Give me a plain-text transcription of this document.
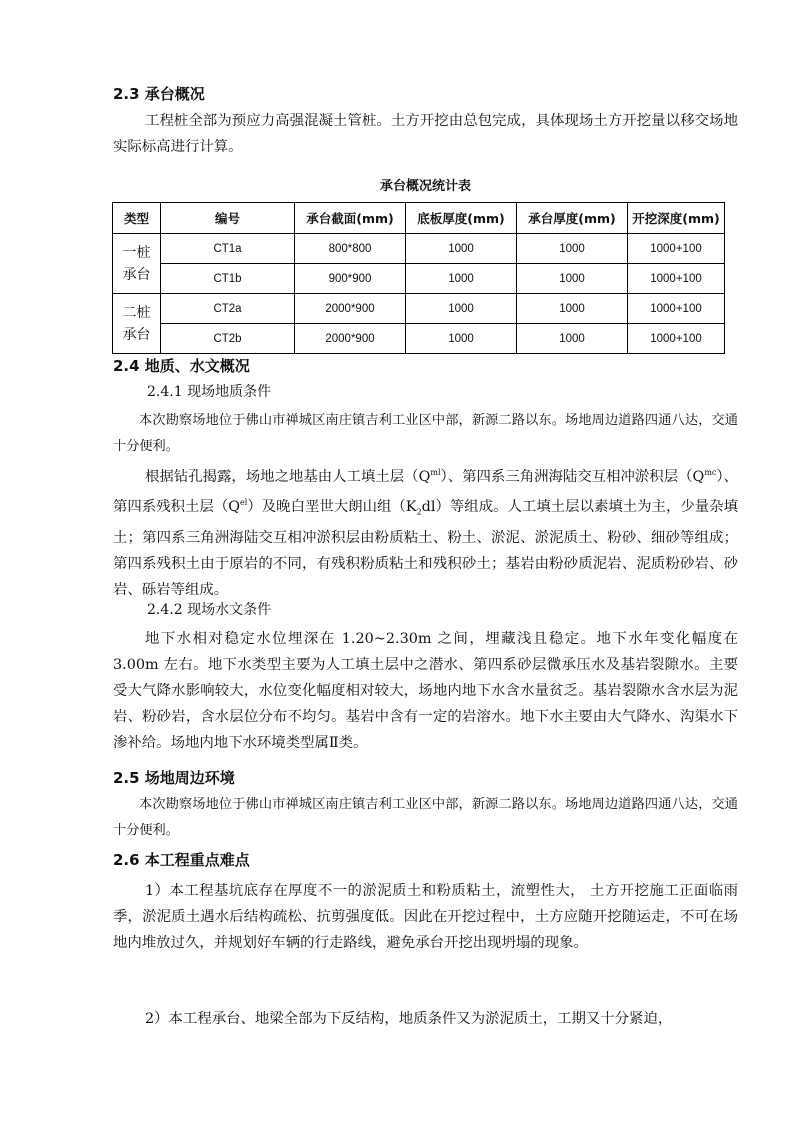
2.3 承台概况

工程桩全部为预应力高强混凝土管桩。土方开挖由总包完成，具体现场土方开挖量以移交场地实际标高进行计算。

承台概况统计表
类型	编号	承台截面(mm)	底板厚度(mm)	承台厚度(mm)	开挖深度(mm)
一桩承台	CT1a	800*800	1000	1000	1000+100
	CT1b	900*900	1000	1000	1000+100
二桩承台	CT2a	2000*900	1000	1000	1000+100
	CT2b	2000*900	1000	1000	1000+100
2.4 地质、水文概况
2.4.1 现场地质条件

本次勘察场地位于佛山市禅城区南庄镇吉利工业区中部，新源二路以东。场地周边道路四通八达，交通十分便利。

根据钻孔揭露，场地之地基由人工填土层$(Q^{ml})$、第四系三角洲海陆交互相冲淤积层$(Q^{mc})$、第四系残积土层$(Q^{el})$及晚白垩世大朗山组$(K_2dl)$等组成。人工填土层以素填土为主，少量杂填土；第四系三角洲海陆交互相冲淤积层由粉质粘土、粉土、淤泥、淤泥质土、粉砂、细砂等组成；第四系残积土由于原岩的不同，有残积粉质粘土和残积砂土；基岩由粉砂质泥岩、泥质粉砂岩、砂岩、砾岩等组成。

2.4.2 现场水文条件

地下水相对稳定水位埋深在 1.20~2.30m 之间，埋藏浅且稳定。地下水年变化幅度在 3.00m 左右。地下水类型主要为人工填土层中之潜水、第四系砂层微承压水及基岩裂隙水。主要受大气降水影响较大，水位变化幅度相对较大，场地内地下水含水量贫乏。基岩裂隙水含水层为泥岩、粉砂岩，含水层位分布不均匀。基岩中含有一定的岩溶水。地下水主要由大气降水、沟渠水下渗补给。场地内地下水环境类型属Ⅱ类。

2.5 场地周边环境

本次勘察场地位于佛山市禅城区南庄镇吉利工业区中部，新源二路以东。场地周边道路四通八达，交通十分便利。

2.6 本工程重点难点

1）本工程基坑底存在厚度不一的淤泥质土和粉质粘土，流塑性大， 土方开挖施工正面临雨季，淤泥质土遇水后结构疏松、抗剪强度低。因此在开挖过程中，土方应随开挖随运走，不可在场地内堆放过久，并规划好车辆的行走路线，避免承台开挖出现坍塌的现象。

2）本工程承台、地梁全部为下反结构，地质条件又为淤泥质土，工期又十分紧迫，
